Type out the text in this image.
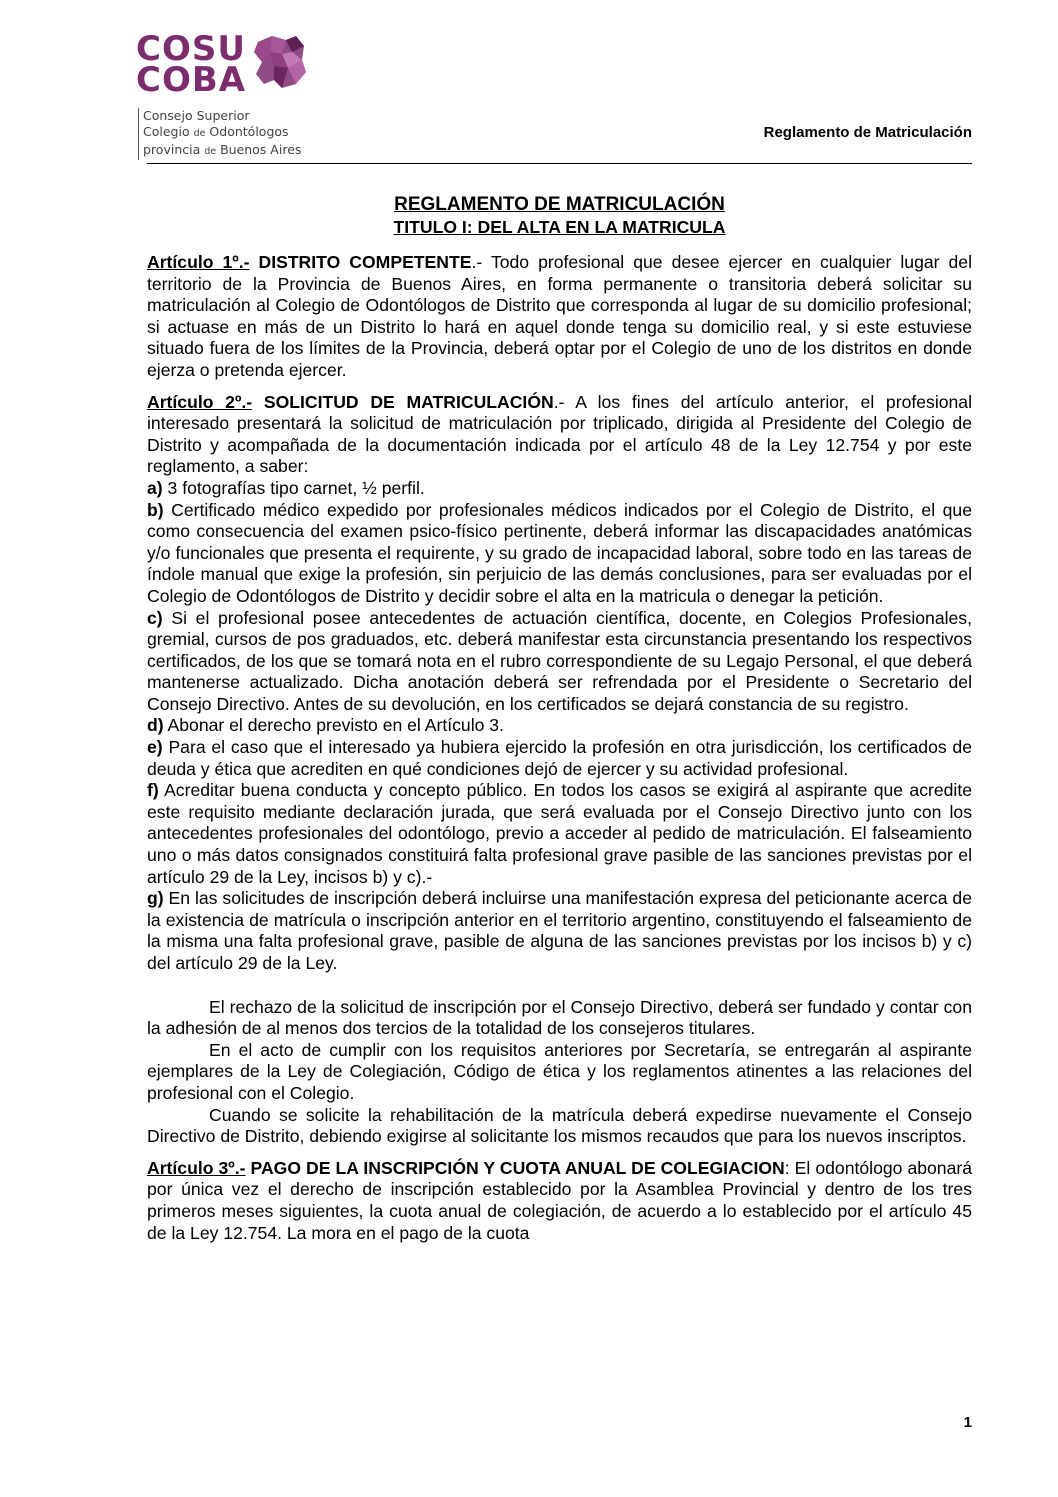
COSU
COBA
Consejo Superior
Colegio de Odontólogos
provincia de Buenos Aires
Reglamento de Matriculación

REGLAMENTO DE MATRICULACIÓN

TITULO I: DEL ALTA EN LA MATRICULA

Artículo 1º.- DISTRITO COMPETENTE.- Todo profesional que desee ejercer en cualquier lugar del territorio de la Provincia de Buenos Aires, en forma permanente o transitoria deberá solicitar su matriculación al Colegio de Odontólogos de Distrito que corresponda al lugar de su domicilio profesional; si actuase en más de un Distrito lo hará en aquel donde tenga su domicilio real, y si este estuviese situado fuera de los límites de la Provincia, deberá optar por el Colegio de uno de los distritos en donde ejerza o pretenda ejercer.

Artículo 2º.- SOLICITUD DE MATRICULACIÓN.- A los fines del artículo anterior, el profesional interesado presentará la solicitud de matriculación por triplicado, dirigida al Presidente del Colegio de Distrito y acompañada de la documentación indicada por el artículo 48 de la Ley 12.754 y por este reglamento, a saber:

a) 3 fotografías tipo carnet, ½ perfil.

b) Certificado médico expedido por profesionales médicos indicados por el Colegio de Distrito, el que como consecuencia del examen psico-físico pertinente, deberá informar las discapacidades anatómicas y/o funcionales que presenta el requirente, y su grado de incapacidad laboral, sobre todo en las tareas de índole manual que exige la profesión, sin perjuicio de las demás conclusiones, para ser evaluadas por el Colegio de Odontólogos de Distrito y decidir sobre el alta en la matricula o denegar la petición.

c) Si el profesional posee antecedentes de actuación científica, docente, en Colegios Profesionales, gremial, cursos de pos graduados, etc. deberá manifestar esta circunstancia presentando los respectivos certificados, de los que se tomará nota en el rubro correspondiente de su Legajo Personal, el que deberá mantenerse actualizado. Dicha anotación deberá ser refrendada por el Presidente o Secretario del Consejo Directivo. Antes de su devolución, en los certificados se dejará constancia de su registro.

d) Abonar el derecho previsto en el Artículo 3.

e) Para el caso que el interesado ya hubiera ejercido la profesión en otra jurisdicción, los certificados de deuda y ética que acrediten en qué condiciones dejó de ejercer y su actividad profesional.

f) Acreditar buena conducta y concepto público. En todos los casos se exigirá al aspirante que acredite este requisito mediante declaración jurada, que será evaluada por el Consejo Directivo junto con los antecedentes profesionales del odontólogo, previo a acceder al pedido de matriculación. El falseamiento uno o más datos consignados constituirá falta profesional grave pasible de las sanciones previstas por el artículo 29 de la Ley, incisos b) y c).-

g) En las solicitudes de inscripción deberá incluirse una manifestación expresa del peticionante acerca de la existencia de matrícula o inscripción anterior en el territorio argentino, constituyendo el falseamiento de la misma una falta profesional grave, pasible de alguna de las sanciones previstas por los incisos b) y c) del artículo 29 de la Ley.

El rechazo de la solicitud de inscripción por el Consejo Directivo, deberá ser fundado y contar con la adhesión de al menos dos tercios de la totalidad de los consejeros titulares.

En el acto de cumplir con los requisitos anteriores por Secretaría, se entregarán al aspirante ejemplares de la Ley de Colegiación, Código de ética y los reglamentos atinentes a las relaciones del profesional con el Colegio.

Cuando se solicite la rehabilitación de la matrícula deberá expedirse nuevamente el Consejo Directivo de Distrito, debiendo exigirse al solicitante los mismos recaudos que para los nuevos inscriptos.

Artículo 3º.- PAGO DE LA INSCRIPCIÓN Y CUOTA ANUAL DE COLEGIACION: El odontólogo abonará por única vez el derecho de inscripción establecido por la Asamblea Provincial y dentro de los tres primeros meses siguientes, la cuota anual de colegiación, de acuerdo a lo establecido por el artículo 45 de la Ley 12.754. La mora en el pago de la cuota

1
